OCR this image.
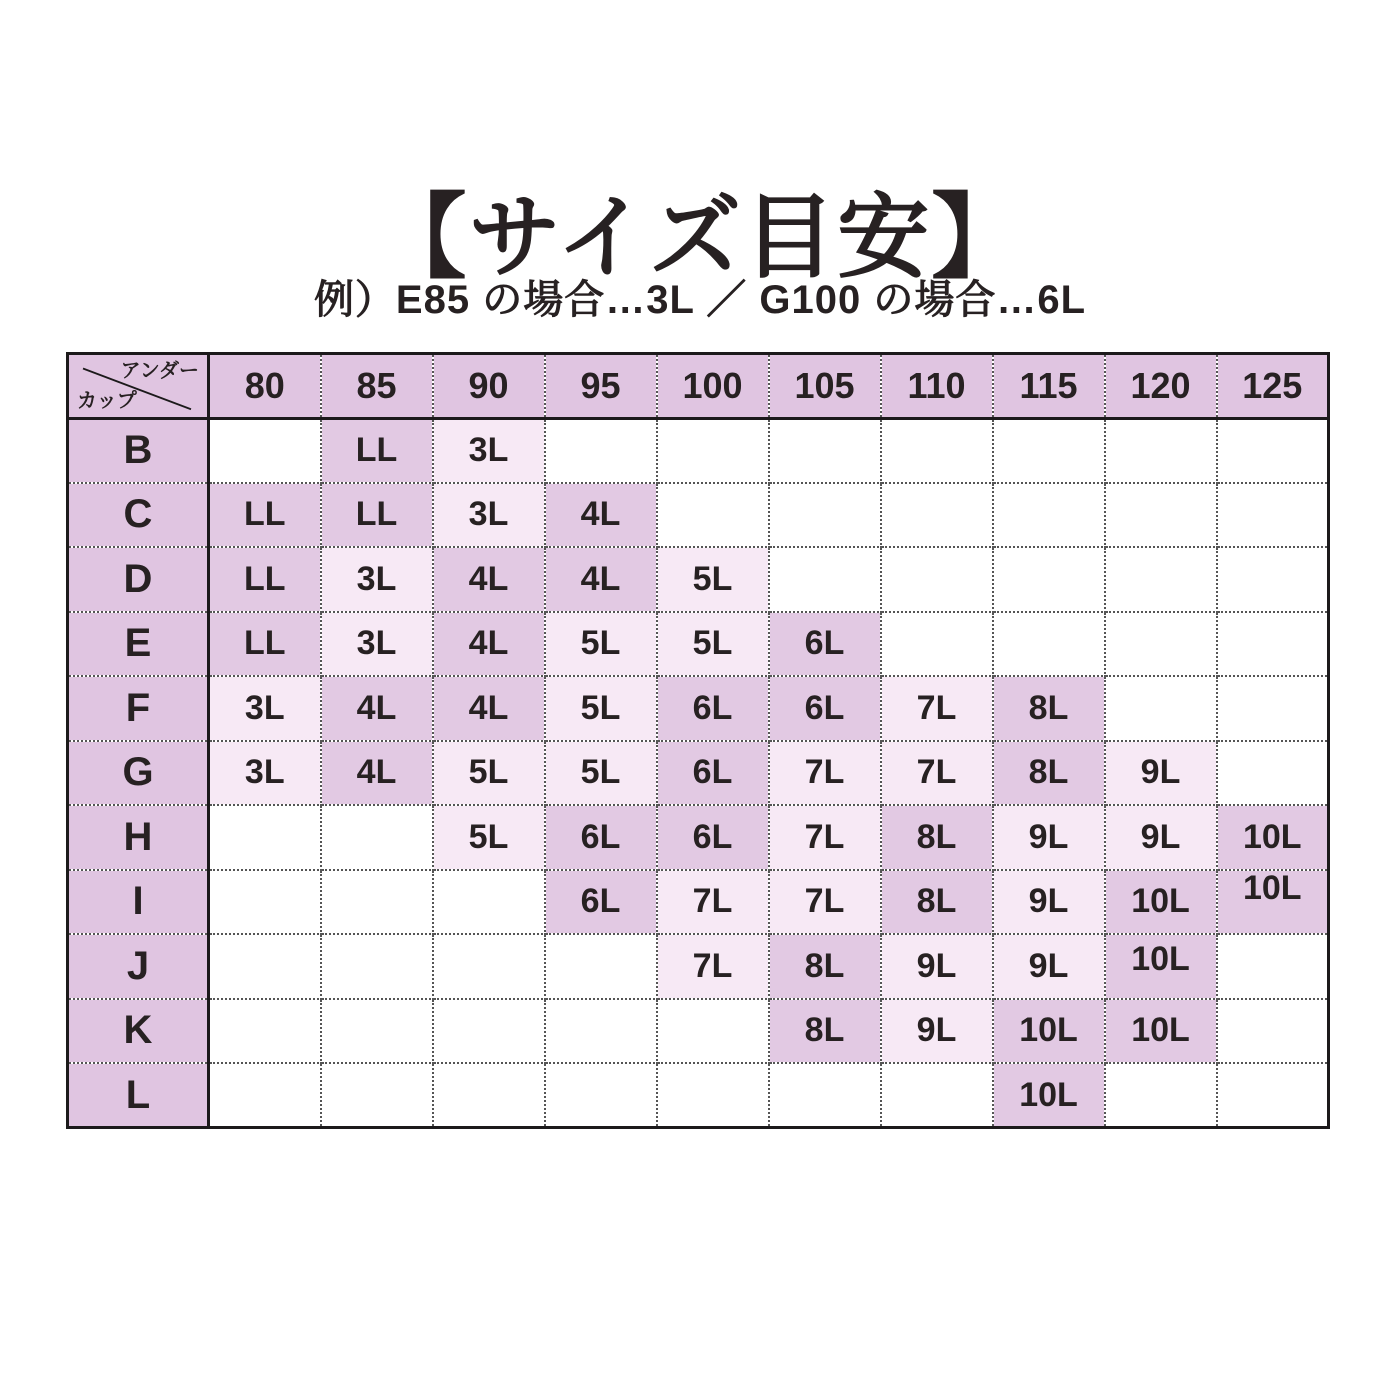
【サイズ目安】
例）E85 の場合…3L ／ G100 の場合…6L
アンダー
カップ	80	85	90	95	100	105	110	115	120	125
B		LL	3L							
C	LL	LL	3L	4L						
D	LL	3L	4L	4L	5L					
E	LL	3L	4L	5L	5L	6L				
F	3L	4L	4L	5L	6L	6L	7L	8L		
G	3L	4L	5L	5L	6L	7L	7L	8L	9L	
H			5L	6L	6L	7L	8L	9L	9L	10L
I				6L	7L	7L	8L	9L	10L	10L
J					7L	8L	9L	9L	10L	
K						8L	9L	10L	10L	
L								10L		
